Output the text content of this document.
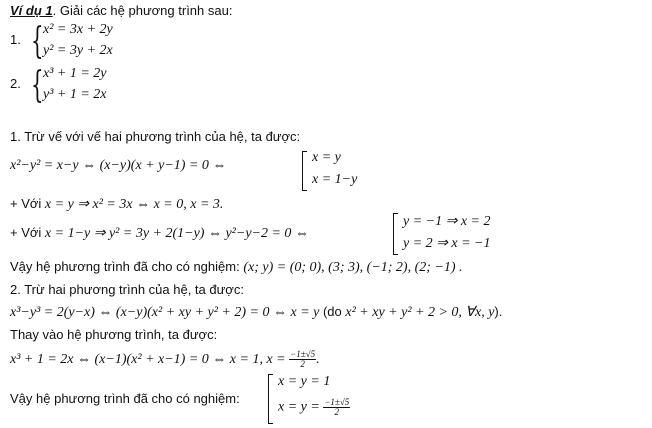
Ví dụ 1. Giải các hệ phương trình sau:
1. { x² = 3x + 2y
y² = 3y + 2x
2. { x³ + 1 = 2y
y³ + 1 = 2x
1. Trừ vế với vế hai phương trình của hệ, ta được:
x²−y² = x−y ⇔ (x−y)(x + y−1) = 0 ⇔
x = y
x = 1−y
+ Với x = y ⇒ x² = 3x ⇔ x = 0, x = 3.
+ Với x = 1−y ⇒ y² = 3y + 2(1−y) ⇔ y²−y−2 = 0 ⇔
y = −1 ⇒ x = 2
y = 2 ⇒ x = −1
Vậy hệ phương trình đã cho có nghiệm: (x; y) = (0; 0), (3; 3), (−1; 2), (2; −1) .
2. Trừ hai phương trình của hệ, ta được:
x³−y³ = 2(y−x) ⇔ (x−y)(x² + xy + y² + 2) = 0 ⇔ x = y (do x² + xy + y² + 2 > 0, ∀x, y).
Thay vào hệ phương trình, ta được:
x³ + 1 = 2x ⇔ (x−1)(x² + x−1) = 0 ⇔ x = 1, $x = \frac{-1\pm√5}{2}$ .
Vậy hệ phương trình đã cho có nghiệm:
x = y = 1
$x = y = \frac{-1\pm√5}{2}$
